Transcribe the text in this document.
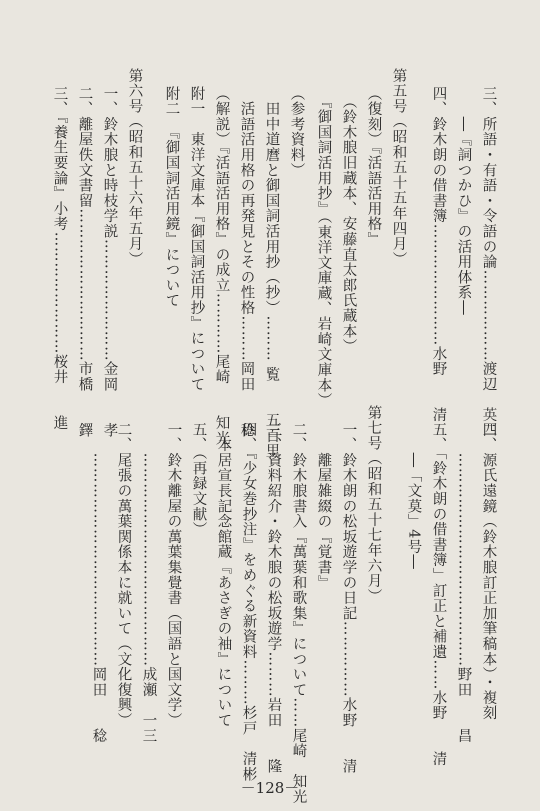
三、所語・有語・令語の論………………渡辺　英二
　　―『詞つかひ』の活用体系―
四、鈴木朗の借書簿……………………水野　　清
第五号（昭和五十五年四月）
（復刻）『活語活用格』
　（鈴木朖旧蔵本、安藤直太郎氏蔵本）
　『御国詞活用抄』（東洋文庫蔵、岩崎文庫本）
（参考資料）
　田中道麿と御国詞活用抄（抄）……… 覧　　五百里
　活語活用格の再発見とその性格………岡田　　稔
（解説）『活語活用格』の成立…………尾崎　　知光
附一　東洋文庫本『御国詞活用抄』について
附二　『御国詞活用鏡』について
第六号（昭和五十六年五月）
一、鈴木朖と時枝学説……………………金岡　　孝
二、離屋佚文書留…………………………市橋　　鐸
三、『養生要論』小考……………………桜井　　進
四、源氏遠鏡（鈴木朖訂正加筆稿本）・複刻
　　……………………………………野田　　昌
五、「鈴木朗の借書簿」訂正と補遺……水野　　清
　　―「文莫」4号―
第七号（昭和五十七年六月）
一、鈴木朗の松坂遊学の日記……………水野　　清
　　離屋雑綴の『覚書』
二、鈴木朖書入『萬葉和歌集』について……尾崎　知光
三、資料紹介・鈴木朖の松坂遊学………岩田　　隆
四、『少女巻抄注』をめぐる新資料………杉戸　清彬
　本居宣長記念館蔵『あさぎの袖』について
五、（再録文献）
一、鈴木離屋の萬葉集覺書（国語と国文学）
　　……………………………………成瀬　一三
二、尾張の萬葉関係本に就いて（文化復興）
　　……………………………………岡田　　稔
－128－
